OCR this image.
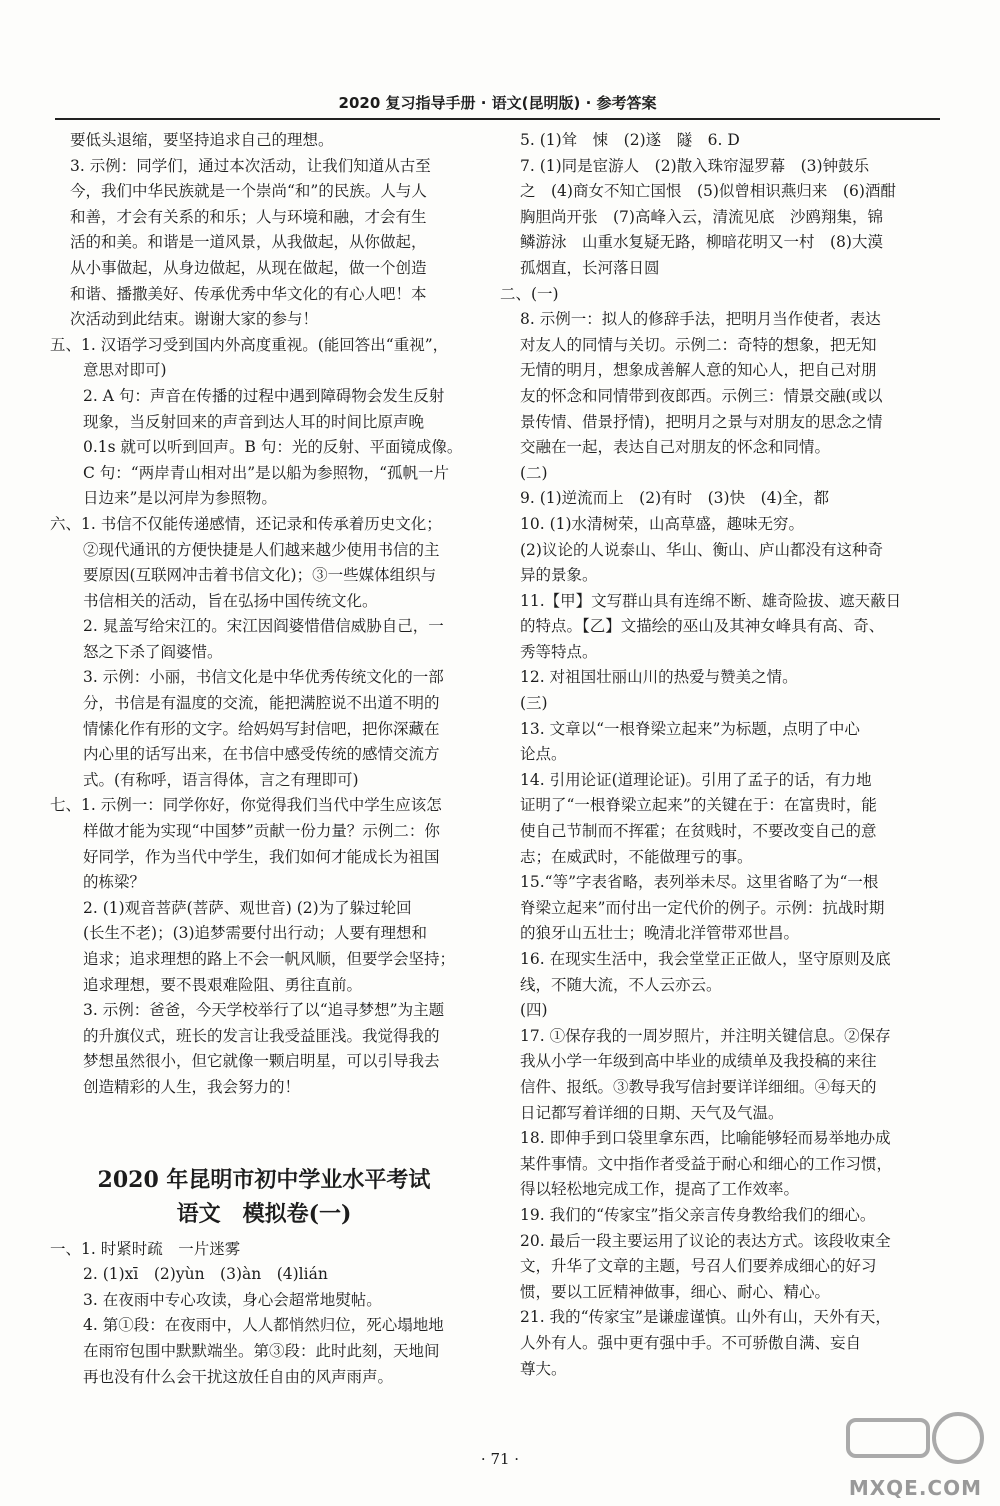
2020 复习指导手册 · 语文(昆明版) · 参考答案
要低头退缩，要坚持追求自己的理想。
3. 示例：同学们，通过本次活动，让我们知道从古至
今，我们中华民族就是一个崇尚“和”的民族。人与人
和善，才会有关系的和乐；人与环境和融，才会有生
活的和美。和谐是一道风景，从我做起，从你做起，
从小事做起，从身边做起，从现在做起，做一个创造
和谐、播撒美好、传承优秀中华文化的有心人吧！本
次活动到此结束。谢谢大家的参与！
五、1. 汉语学习受到国内外高度重视。(能回答出“重视”，
意思对即可)
2. A 句：声音在传播的过程中遇到障碍物会发生反射
现象，当反射回来的声音到达人耳的时间比原声晚
0.1s 就可以听到回声。B 句：光的反射、平面镜成像。
C 句：“两岸青山相对出”是以船为参照物，“孤帆一片
日边来”是以河岸为参照物。
六、1. 书信不仅能传递感情，还记录和传承着历史文化；
②现代通讯的方便快捷是人们越来越少使用书信的主
要原因(互联网冲击着书信文化)；③一些媒体组织与
书信相关的活动，旨在弘扬中国传统文化。
2. 晁盖写给宋江的。宋江因阎婆惜借信威胁自己，一
怒之下杀了阎婆惜。
3. 示例：小丽，书信文化是中华优秀传统文化的一部
分，书信是有温度的交流，能把满腔说不出道不明的
情愫化作有形的文字。给妈妈写封信吧，把你深藏在
内心里的话写出来，在书信中感受传统的感情交流方
式。(有称呼，语言得体，言之有理即可)
七、1. 示例一：同学你好，你觉得我们当代中学生应该怎
样做才能为实现“中国梦”贡献一份力量？示例二：你
好同学，作为当代中学生，我们如何才能成长为祖国
的栋梁？
2. (1)观音菩萨(菩萨、观世音) (2)为了躲过轮回
(长生不老)；(3)追梦需要付出行动；人要有理想和
追求；追求理想的路上不会一帆风顺，但要学会坚持；
追求理想，要不畏艰难险阻、勇往直前。
3. 示例：爸爸，今天学校举行了以“追寻梦想”为主题
的升旗仪式，班长的发言让我受益匪浅。我觉得我的
梦想虽然很小，但它就像一颗启明星，可以引导我去
创造精彩的人生，我会努力的！
2020 年昆明市初中学业水平考试
语文　模拟卷(一)
一、1. 时紧时疏　一片迷雾
2. (1)xī　(2)yùn　(3)àn　(4)lián
3. 在夜雨中专心攻读，身心会超常地熨帖。
4. 第①段：在夜雨中，人人都悄然归位，死心塌地地
在雨帘包围中默默端坐。第③段：此时此刻，天地间
再也没有什么会干扰这放任自由的风声雨声。
5. (1)耸　悚　(2)遂　隧　6. D
7. (1)同是宦游人　(2)散入珠帘湿罗幕　(3)钟鼓乐
之　(4)商女不知亡国恨　(5)似曾相识燕归来　(6)酒酣
胸胆尚开张　(7)高峰入云，清流见底　沙鸥翔集，锦
鳞游泳　山重水复疑无路，柳暗花明又一村　(8)大漠
孤烟直，长河落日圆
二、(一)
8. 示例一：拟人的修辞手法，把明月当作使者，表达
对友人的同情与关切。示例二：奇特的想象，把无知
无情的明月，想象成善解人意的知心人，把自己对朋
友的怀念和同情带到夜郎西。示例三：情景交融(或以
景传情、借景抒情)，把明月之景与对朋友的思念之情
交融在一起，表达自己对朋友的怀念和同情。
(二)
9. (1)逆流而上　(2)有时　(3)快　(4)全，都
10. (1)水清树荣，山高草盛，趣味无穷。
(2)议论的人说泰山、华山、衡山、庐山都没有这种奇
异的景象。
11.【甲】文写群山具有连绵不断、雄奇险拔、遮天蔽日
的特点。【乙】文描绘的巫山及其神女峰具有高、奇、
秀等特点。
12. 对祖国壮丽山川的热爱与赞美之情。
(三)
13. 文章以“一根脊梁立起来”为标题，点明了中心
论点。
14. 引用论证(道理论证)。引用了孟子的话，有力地
证明了“一根脊梁立起来”的关键在于：在富贵时，能
使自己节制而不挥霍；在贫贱时，不要改变自己的意
志；在威武时，不能做理亏的事。
15.“等”字表省略，表列举未尽。这里省略了为“一根
脊梁立起来”而付出一定代价的例子。示例：抗战时期
的狼牙山五壮士；晚清北洋管带邓世昌。
16. 在现实生活中，我会堂堂正正做人，坚守原则及底
线，不随大流，不人云亦云。
(四)
17. ①保存我的一周岁照片，并注明关键信息。②保存
我从小学一年级到高中毕业的成绩单及我投稿的来往
信件、报纸。③教导我写信封要详详细细。④每天的
日记都写着详细的日期、天气及气温。
18. 即伸手到口袋里拿东西，比喻能够轻而易举地办成
某件事情。文中指作者受益于耐心和细心的工作习惯，
得以轻松地完成工作，提高了工作效率。
19. 我们的“传家宝”指父亲言传身教给我们的细心。
20. 最后一段主要运用了议论的表达方式。该段收束全
文，升华了文章的主题，号召人们要养成细心的好习
惯，要以工匠精神做事，细心、耐心、精心。
21. 我的“传家宝”是谦虚谨慎。山外有山，天外有天，
人外有人。强中更有强中手。不可骄傲自满、妄自
尊大。
· 71 ·
MXQE.COM
